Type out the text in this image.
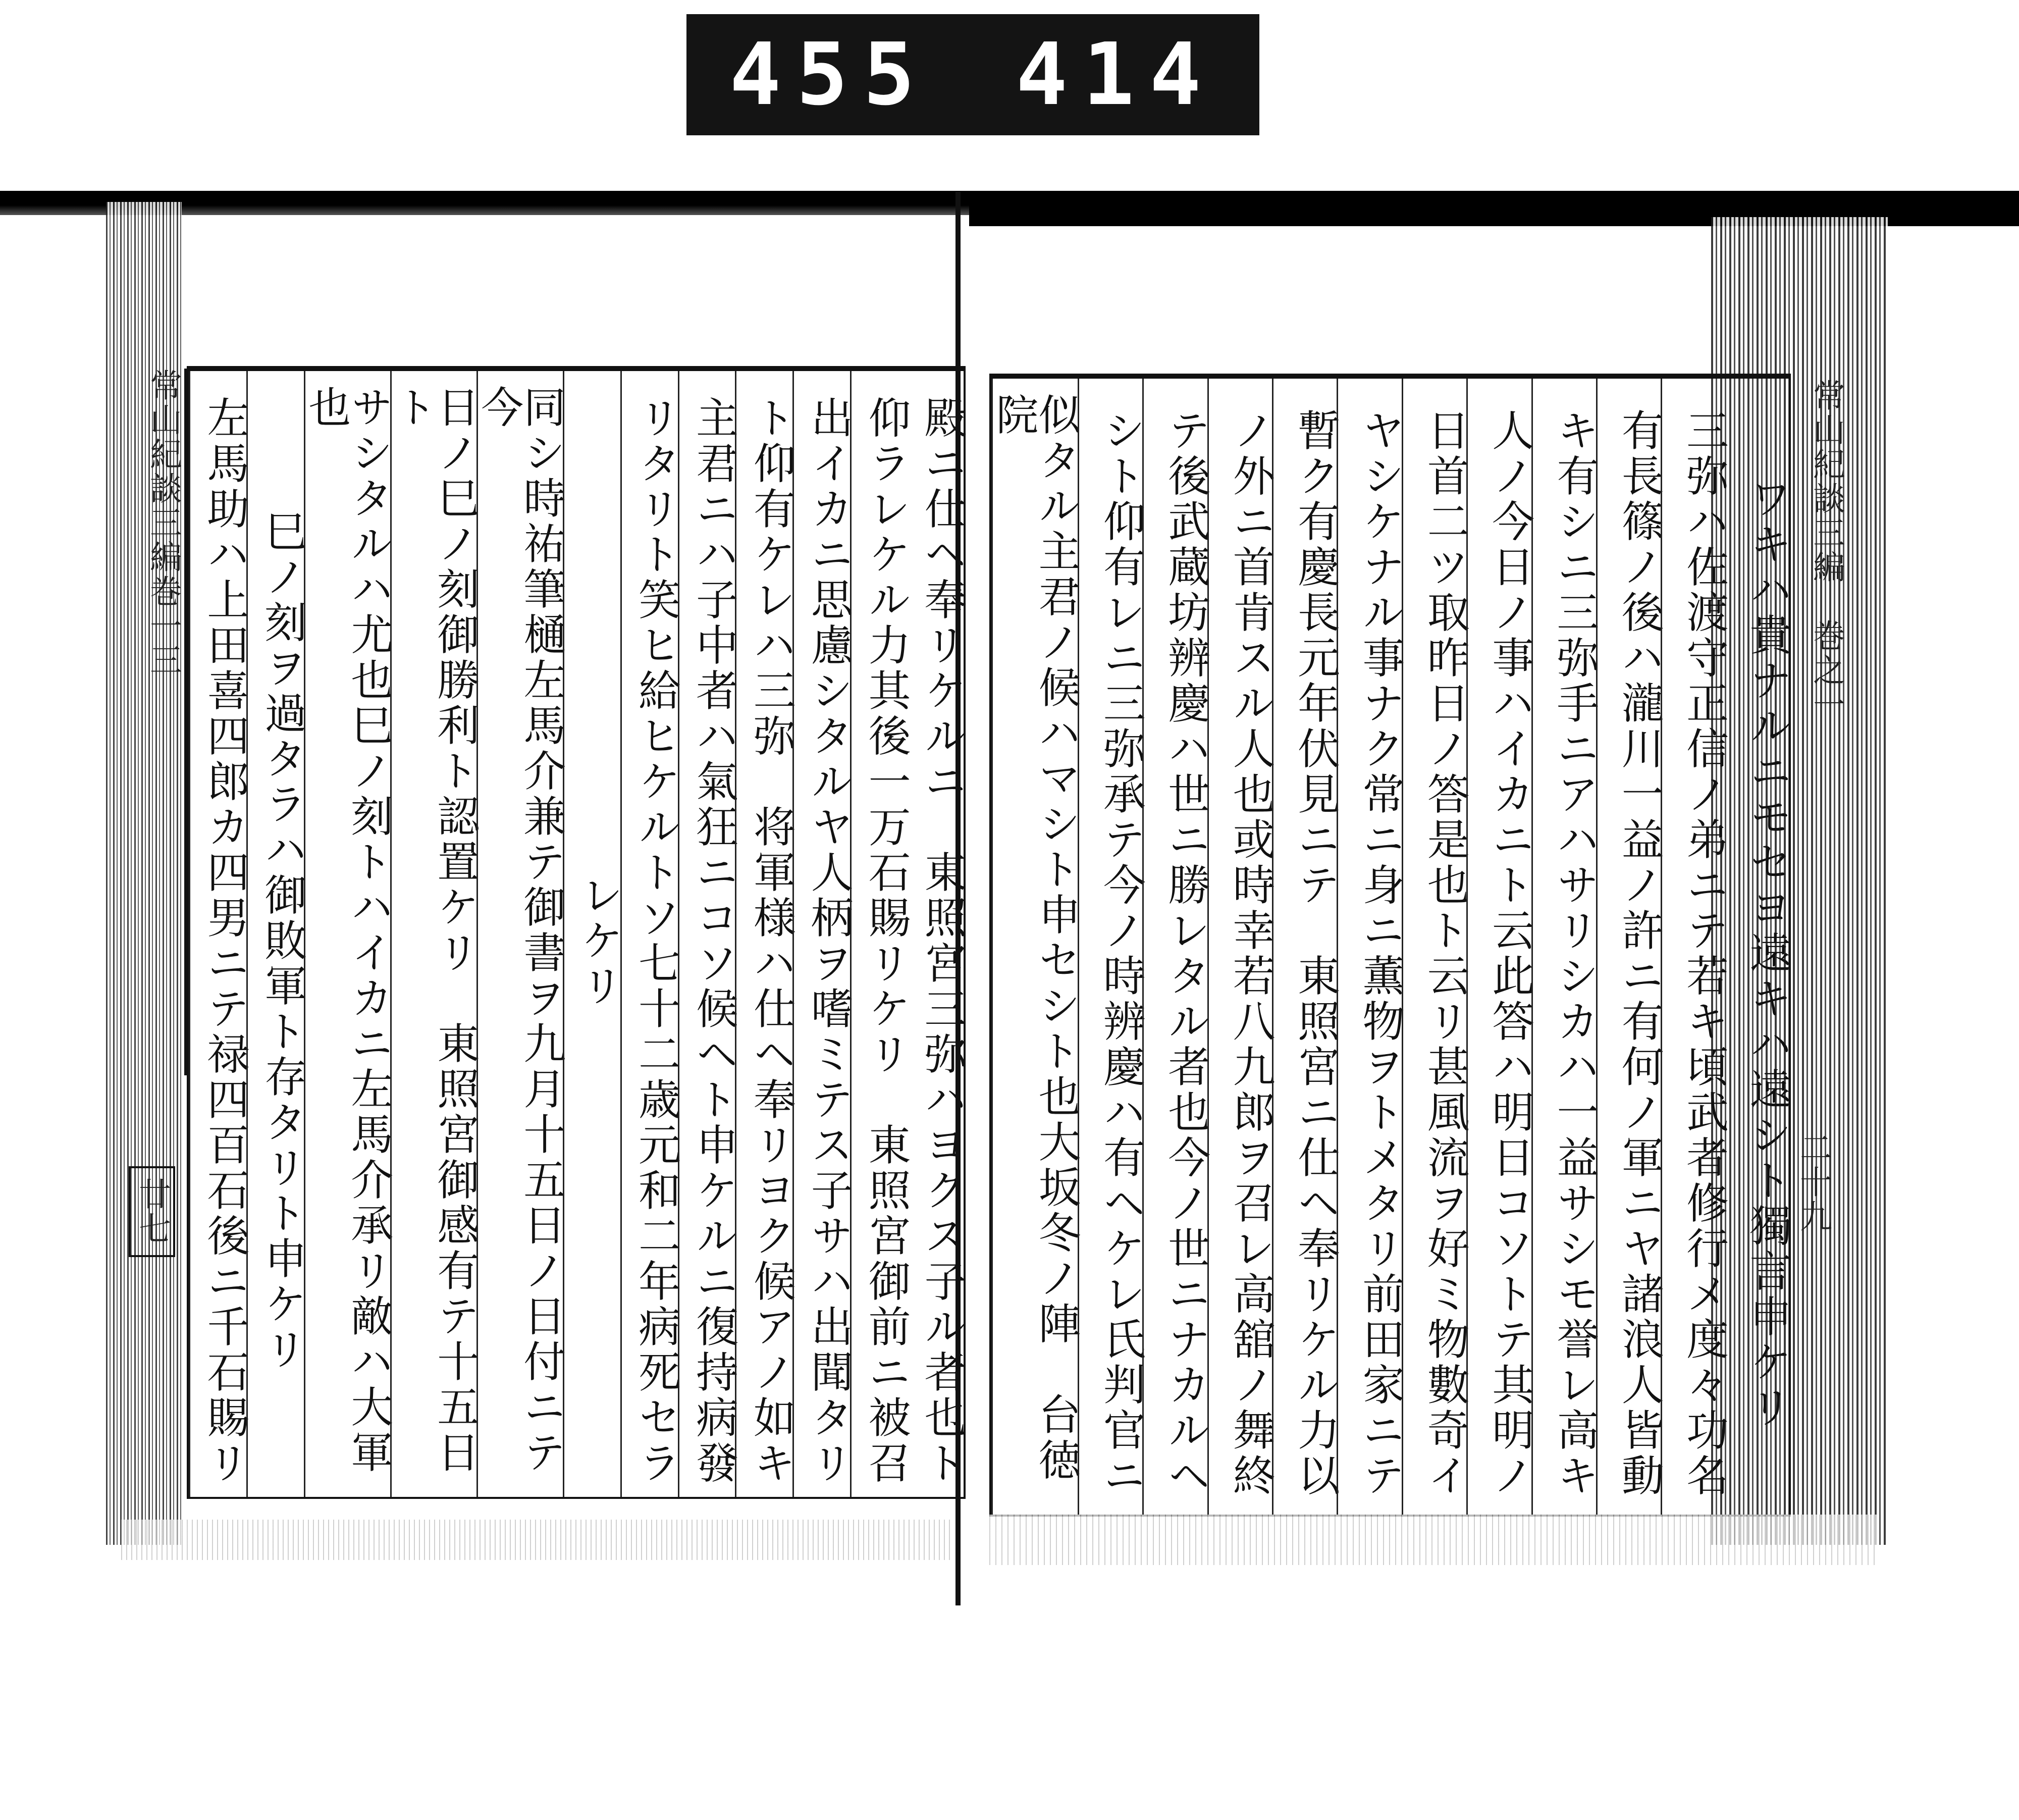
455 414
常山紀談三編巻一三
廿七	殿ニ仕ヘ奉リケルニ　東照宮三弥ハヨクス子ル者也ト
仰ラレケル力其後一万石賜リケリ　東照宮御前ニ被召
出イカニ思慮シタルヤ人柄ヲ嗜ミテス子サハ出聞タリ
ト仰有ケレハ三弥　将軍様ハ仕ヘ奉リヨク候アノ如キ
主君ニハ子中者ハ氣狂ニコソ候ヘト申ケルニ復持病發
リタリト笑ヒ給ヒケルトソ七十二歳元和二年病死セラ
レケリ
同シ時祐筆樋左馬介兼テ御書ヲ九月十五日ノ日付ニテ今
日ノ巳ノ刻御勝利ト認置ケリ　東照宮御感有テ十五日ト
サシタルハ尤也巳ノ刻トハイカニ左馬介承リ敵ハ大軍也
巳ノ刻ヲ過タラハ御敗軍ト存タリト申ケリ
左馬助ハ上田喜四郎カ四男ニテ禄四百石後ニ千石賜リ	ワキハ貴ナルニモセヨ遠キハ遠シト獨言申ケリ
三弥ハ佐渡守正信ノ弟ニテ若キ頃武者修行メ度々功名
有長篠ノ後ハ瀧川一益ノ許ニ有何ノ軍ニヤ諸浪人皆動
キ有シニ三弥手ニアハサリシカハ一益サシモ誉レ高キ
人ノ今日ノ事ハイカニト云此答ハ明日コソトテ其明ノ
日首二ツ取昨日ノ答是也ト云リ甚風流ヲ好ミ物數奇イ
ヤシケナル事ナク常ニ身ニ薫物ヲトメタリ前田家ニテ
暫ク有慶長元年伏見ニテ　東照宮ニ仕ヘ奉リケル力以
ノ外ニ首肯スル人也或時幸若八九郎ヲ召レ高舘ノ舞終
テ後武蔵坊辨慶ハ世ニ勝レタル者也今ノ世ニナカルヘ
シト仰有レニ三弥承テ今ノ時辨慶ハ有ヘケレ氏判官ニ
似タル主君ノ候ハマシト申セシト也大坂冬ノ陣　台徳院	常山紀談三編　巻之一
二十九
